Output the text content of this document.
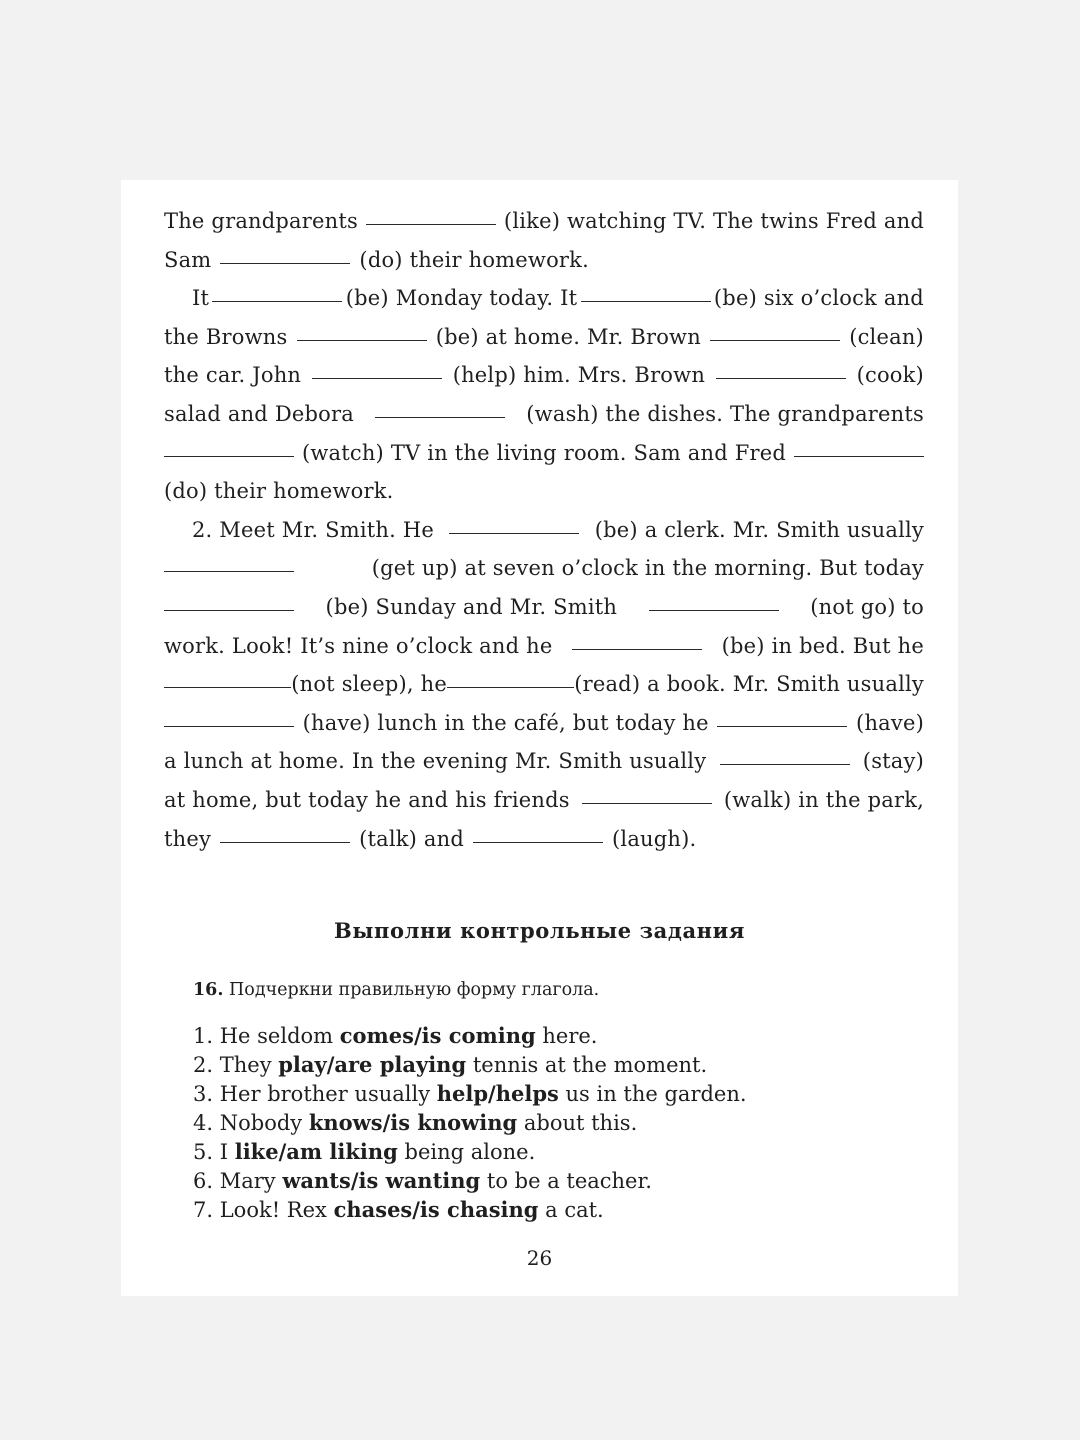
The grandparents	(like) watching TV. The twins Fred and
Sam	(do) their homework.
It	(be) Monday today. It	(be) six o’clock and
the Browns	(be) at home. Mr. Brown	(clean)
the car. John	(help) him. Mrs. Brown	(cook)
salad and Debora	(wash) the dishes. The grandparents
(watch) TV in the living room. Sam and Fred
(do) their homework.
2. Meet Mr. Smith. He	(be) a clerk. Mr. Smith usually
(get up) at seven o’clock in the morning. But today
(be) Sunday and Mr. Smith	(not go) to
work. Look! It’s nine o’clock and he	(be) in bed. But he
(not sleep), he	(read) a book. Mr. Smith usually
(have) lunch in the café, but today he	(have)
a lunch at home. In the evening Mr. Smith usually	(stay)
at home, but today he and his friends	(walk) in the park,
they	(talk) and	(laugh).
Выполни контрольные задания
16. Подчеркни правильную форму глагола.
1. He seldom comes/is coming here.
2. They play/are playing tennis at the moment.
3. Her brother usually help/helps us in the garden.
4. Nobody knows/is knowing about this.
5. I like/am liking being alone.
6. Mary wants/is wanting to be a teacher.
7. Look! Rex chases/is chasing a cat.
26
